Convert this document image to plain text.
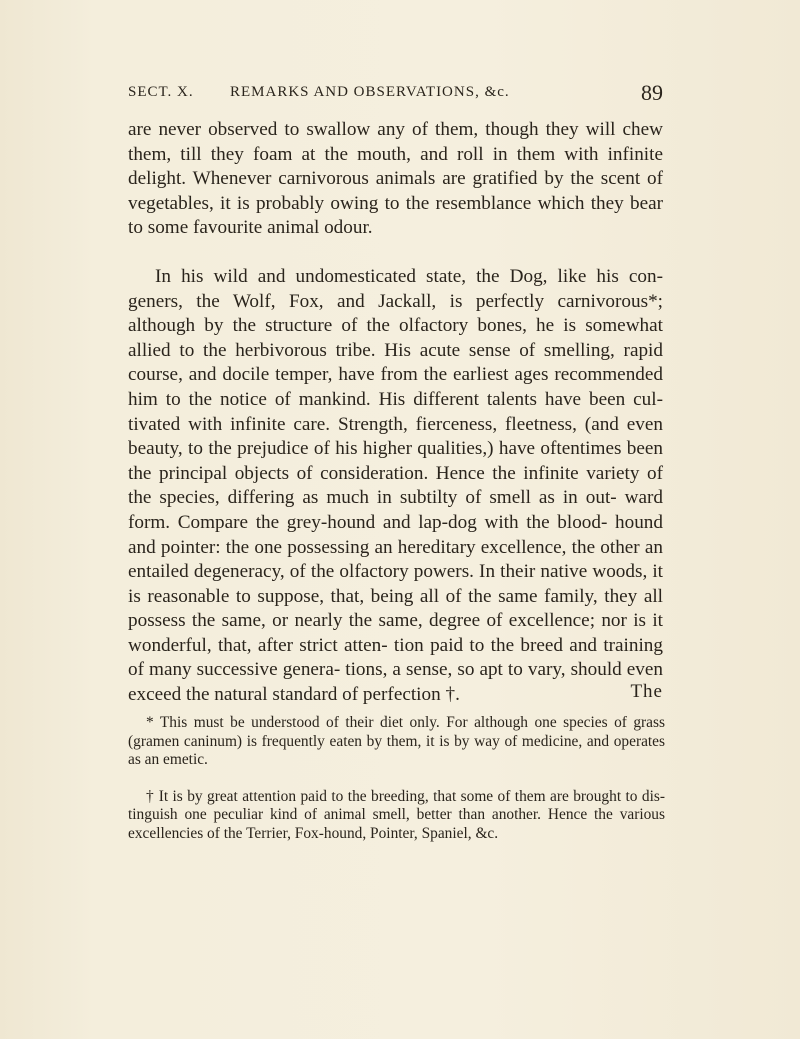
SECT. X. REMARKS AND OBSERVATIONS, &c.	89

are never observed to swallow any of them, though they will chew them, till they foam at the mouth, and roll in them with infinite delight. Whenever carnivorous animals are gratified by the scent of vegetables, it is probably owing to the resemblance which they bear to some favourite animal odour.

In his wild and undomesticated state, the Dog, like his con- geners, the Wolf, Fox, and Jackall, is perfectly carnivorous*; although by the structure of the olfactory bones, he is somewhat allied to the herbivorous tribe. His acute sense of smelling, rapid course, and docile temper, have from the earliest ages recommended him to the notice of mankind. His different talents have been cul- tivated with infinite care. Strength, fierceness, fleetness, (and even beauty, to the prejudice of his higher qualities,) have oftentimes been the principal objects of consideration. Hence the infinite variety of the species, differing as much in subtilty of smell as in out- ward form. Compare the grey-hound and lap-dog with the blood- hound and pointer: the one possessing an hereditary excellence, the other an entailed degeneracy, of the olfactory powers. In their native woods, it is reasonable to suppose, that, being all of the same family, they all possess the same, or nearly the same, degree of excellence; nor is it wonderful, that, after strict atten- tion paid to the breed and training of many successive genera- tions, a sense, so apt to vary, should even exceed the natural standard of perfection †.	The

* This must be understood of their diet only. For although one species of grass (gramen caninum) is frequently eaten by them, it is by way of medicine, and operates as an emetic.

† It is by great attention paid to the breeding, that some of them are brought to dis- tinguish one peculiar kind of animal smell, better than another. Hence the various excellencies of the Terrier, Fox-hound, Pointer, Spaniel, &c.
